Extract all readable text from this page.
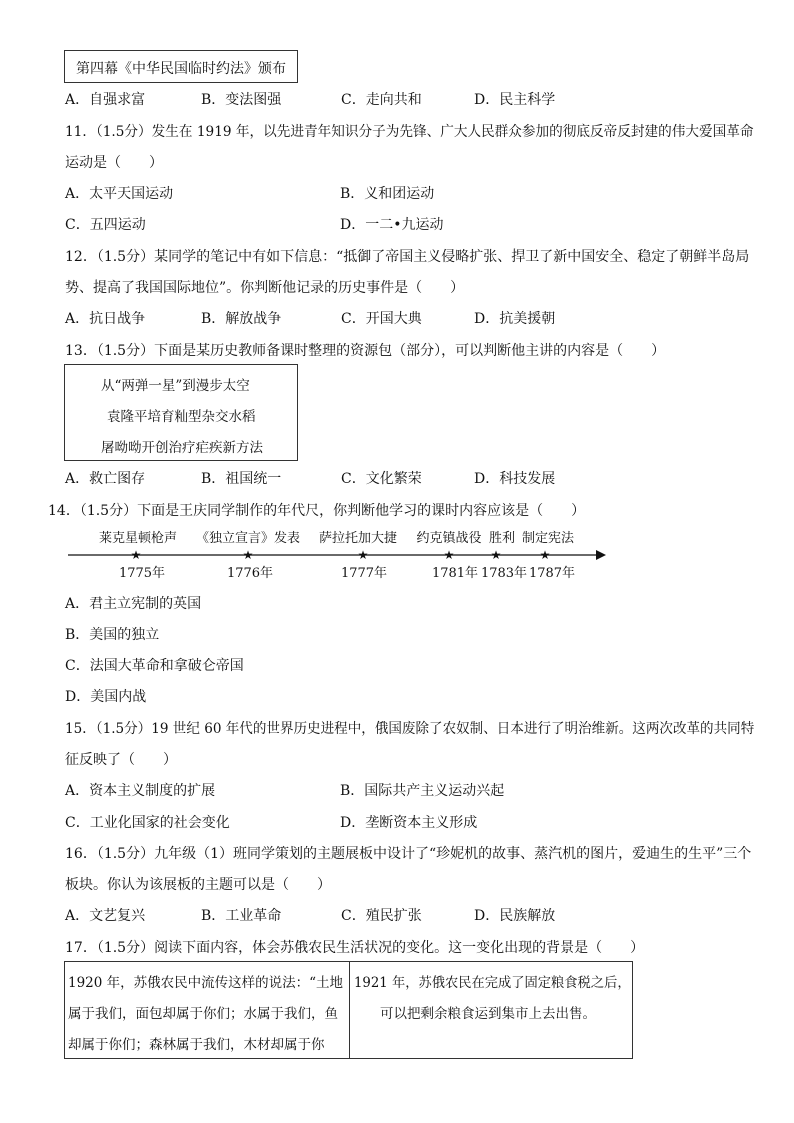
第四幕《中华民国临时约法》颁布
A．自强求富	B．变法图强	C．走向共和	D．民主科学
11．（1.5分）发生在 1919 年，以先进青年知识分子为先锋、广大人民群众参加的彻底反帝反封建的伟大爱国革命
运动是（　　）
A．太平天国运动	B．义和团运动
C．五四运动	D．一二•九运动
12．（1.5分）某同学的笔记中有如下信息：“抵御了帝国主义侵略扩张、捍卫了新中国安全、稳定了朝鲜半岛局
势、提高了我国国际地位”。你判断他记录的历史事件是（　　）
A．抗日战争	B．解放战争	C．开国大典	D．抗美援朝
13．（1.5分）下面是某历史教师备课时整理的资源包（部分），可以判断他主讲的内容是（　　）
从“两弹一星”到漫步太空
袁隆平培育籼型杂交水稻
屠呦呦开创治疗疟疾新方法
A．救亡图存	B．祖国统一	C．文化繁荣	D．科技发展
14．（1.5分）下面是王庆同学制作的年代尺，你判断他学习的课时内容应该是（　　）
★	★	★	★	★	★
莱克星顿枪声 《独立宣言》发表 萨拉托加大捷 约克镇战役 胜利 制定宪法
1775年	1776年	1777年	1781年 1783年 1787年
A．君主立宪制的英国
B．美国的独立
C．法国大革命和拿破仑帝国
D．美国内战
15．（1.5分）19 世纪 60 年代的世界历史进程中，俄国废除了农奴制、日本进行了明治维新。这两次改革的共同特
征反映了（　　）
A．资本主义制度的扩展	B．国际共产主义运动兴起
C．工业化国家的社会变化	D．垄断资本主义形成
16．（1.5分）九年级（1）班同学策划的主题展板中设计了“珍妮机的故事、蒸汽机的图片，爱迪生的生平”三个
板块。你认为该展板的主题可以是（　　）
A．文艺复兴	B．工业革命	C．殖民扩张	D．民族解放
17．（1.5分）阅读下面内容，体会苏俄农民生活状况的变化。这一变化出现的背景是（　　）
1920 年，苏俄农民中流传这样的说法：“土地
属于我们，面包却属于你们；水属于我们，鱼
却属于你们；森林属于我们，木材却属于你
1921 年，苏俄农民在完成了固定粮食税之后，
可以把剩余粮食运到集市上去出售。
